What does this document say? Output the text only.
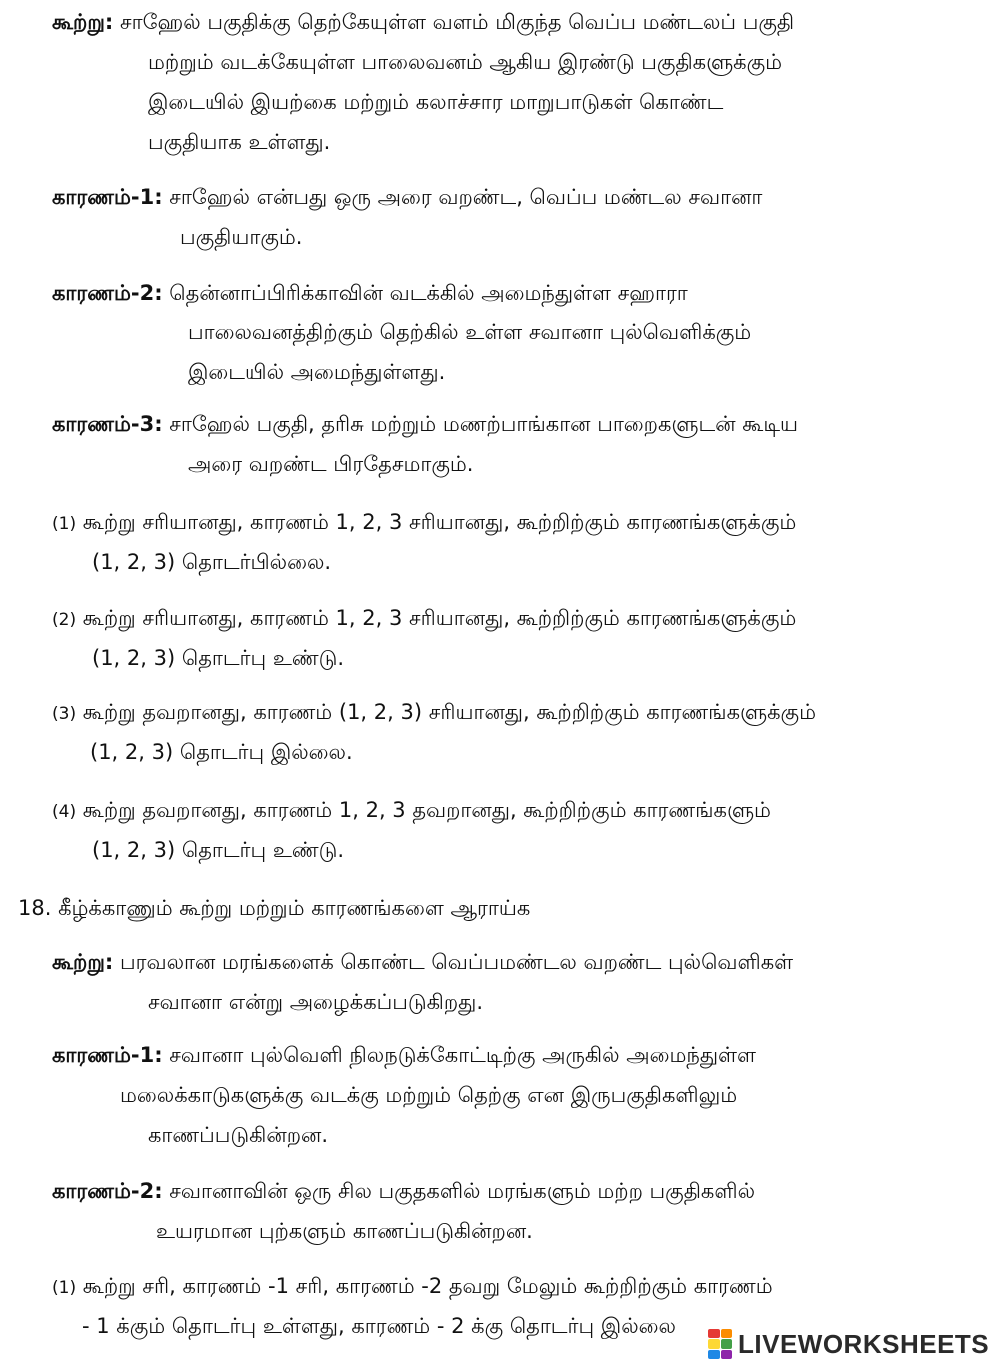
கூற்று: சாஹேல் பகுதிக்கு தெற்கேயுள்ள வளம் மிகுந்த வெப்ப மண்டலப் பகுதி
மற்றும் வடக்கேயுள்ள பாலைவனம் ஆகிய இரண்டு பகுதிகளுக்கும்
இடையில் இயற்கை மற்றும் கலாச்சார மாறுபாடுகள் கொண்ட
பகுதியாக உள்ளது.
காரணம்-1: சாஹேல் என்பது ஒரு அரை வறண்ட, வெப்ப மண்டல சவானா
பகுதியாகும்.
காரணம்-2: தென்னாப்பிரிக்காவின் வடக்கில் அமைந்துள்ள சஹாரா
பாலைவனத்திற்கும் தெற்கில் உள்ள சவானா புல்வெளிக்கும்
இடையில் அமைந்துள்ளது.
காரணம்-3: சாஹேல் பகுதி, தரிசு மற்றும் மணற்பாங்கான பாறைகளுடன் கூடிய
அரை வறண்ட பிரதேசமாகும்.
(1) கூற்று சரியானது, காரணம் 1, 2, 3 சரியானது, கூற்றிற்கும் காரணங்களுக்கும்
(1, 2, 3) தொடர்பில்லை.
(2) கூற்று சரியானது, காரணம் 1, 2, 3 சரியானது, கூற்றிற்கும் காரணங்களுக்கும்
(1, 2, 3) தொடர்பு உண்டு.
(3) கூற்று தவறானது, காரணம் (1, 2, 3) சரியானது, கூற்றிற்கும் காரணங்களுக்கும்
(1, 2, 3) தொடர்பு இல்லை.
(4) கூற்று தவறானது, காரணம் 1, 2, 3 தவறானது, கூற்றிற்கும் காரணங்களும்
(1, 2, 3) தொடர்பு உண்டு.
18. கீழ்க்காணும் கூற்று மற்றும் காரணங்களை ஆராய்க
கூற்று: பரவலான மரங்களைக் கொண்ட வெப்பமண்டல வறண்ட புல்வெளிகள்
சவானா என்று அழைக்கப்படுகிறது.
காரணம்-1: சவானா புல்வெளி நிலநடுக்கோட்டிற்கு அருகில் அமைந்துள்ள
மலைக்காடுகளுக்கு வடக்கு மற்றும் தெற்கு என இருபகுதிகளிலும்
காணப்படுகின்றன.
காரணம்-2: சவானாவின் ஒரு சில பகுதகளில் மரங்களும் மற்ற பகுதிகளில்
உயரமான புற்களும் காணப்படுகின்றன.
(1) கூற்று சரி, காரணம் -1 சரி, காரணம் -2 தவறு மேலும் கூற்றிற்கும் காரணம்
- 1 க்கும் தொடர்பு உள்ளது, காரணம் - 2 க்கு தொடர்பு இல்லை
LIVEWORKSHEETS
